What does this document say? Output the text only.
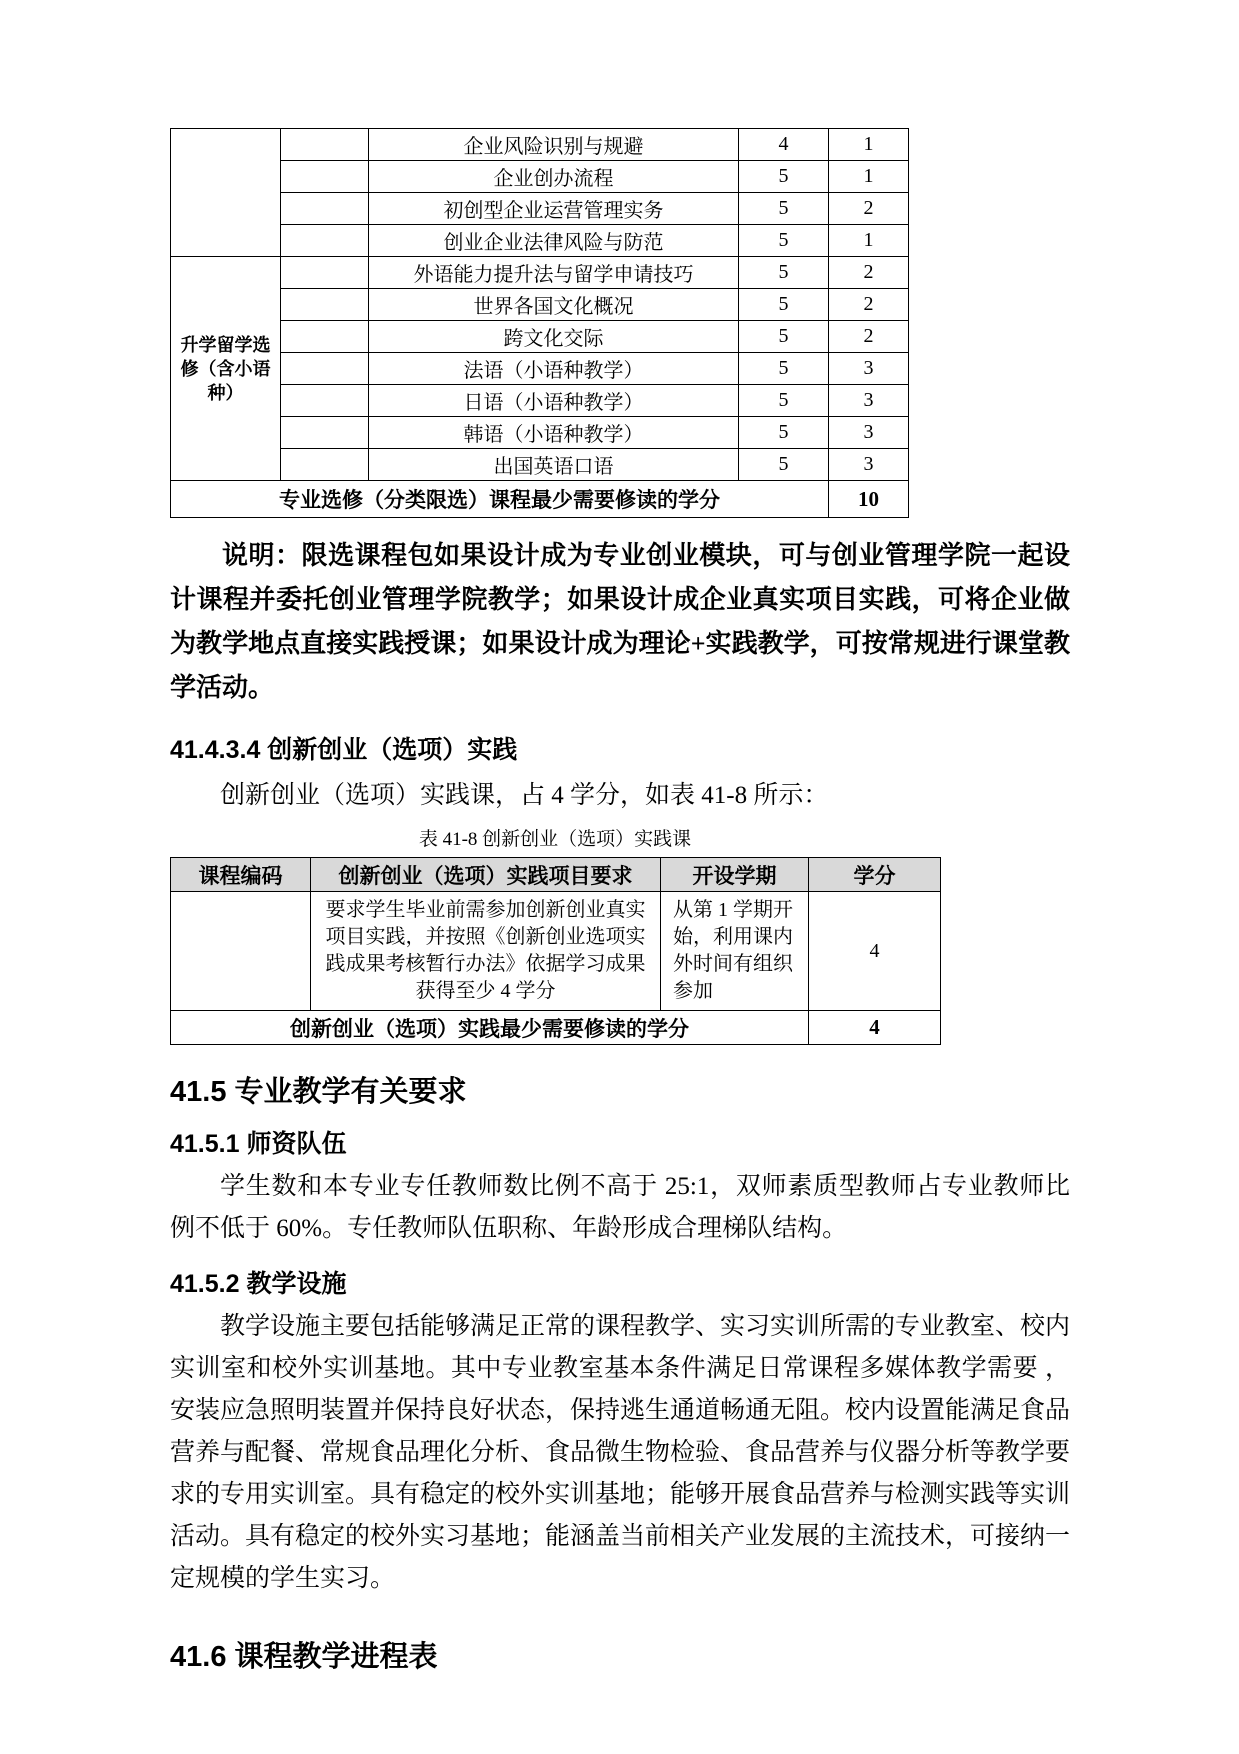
		企业风险识别与规避	4	1
		企业创办流程	5	1
		初创型企业运营管理实务	5	2
		创业企业法律风险与防范	5	1
升学留学选修（含小语种）		外语能力提升法与留学申请技巧	5	2
		世界各国文化概况	5	2
		跨文化交际	5	2
		法语（小语种教学）	5	3
		日语（小语种教学）	5	3
		韩语（小语种教学）	5	3
		出国英语口语	5	3
专业选修（分类限选）课程最少需要修读的学分				10

说明：限选课程包如果设计成为专业创业模块，可与创业管理学院一起设计课程并委托创业管理学院教学；如果设计成企业真实项目实践，可将企业做为教学地点直接实践授课；如果设计成为理论+实践教学，可按常规进行课堂教学活动。

41.4.3.4 创新创业（选项）实践

创新创业（选项）实践课，占 4 学分，如表 41-8 所示：

表 41-8 创新创业（选项）实践课
课程编码	创新创业（选项）实践项目要求	开设学期	学分
	要求学生毕业前需参加创新创业真实项目实践，并按照《创新创业选项实践成果考核暂行办法》依据学习成果获得至少 4 学分	从第 1 学期开始，利用课内外时间有组织参加	4
创新创业（选项）实践最少需要修读的学分			4
41.5 专业教学有关要求
41.5.1 师资队伍

学生数和本专业专任教师数比例不高于 25:1，双师素质型教师占专业教师比例不低于 60%。专任教师队伍职称、年龄形成合理梯队结构。

41.5.2 教学设施

教学设施主要包括能够满足正常的课程教学、实习实训所需的专业教室、校内实训室和校外实训基地。其中专业教室基本条件满足日常课程多媒体教学需要 ，安装应急照明装置并保持良好状态，保持逃生通道畅通无阻。校内设置能满足食品营养与配餐、常规食品理化分析、食品微生物检验、食品营养与仪器分析等教学要求的专用实训室。具有稳定的校外实训基地；能够开展食品营养与检测实践等实训活动。具有稳定的校外实习基地；能涵盖当前相关产业发展的主流技术，可接纳一定规模的学生实习。

41.6 课程教学进程表
